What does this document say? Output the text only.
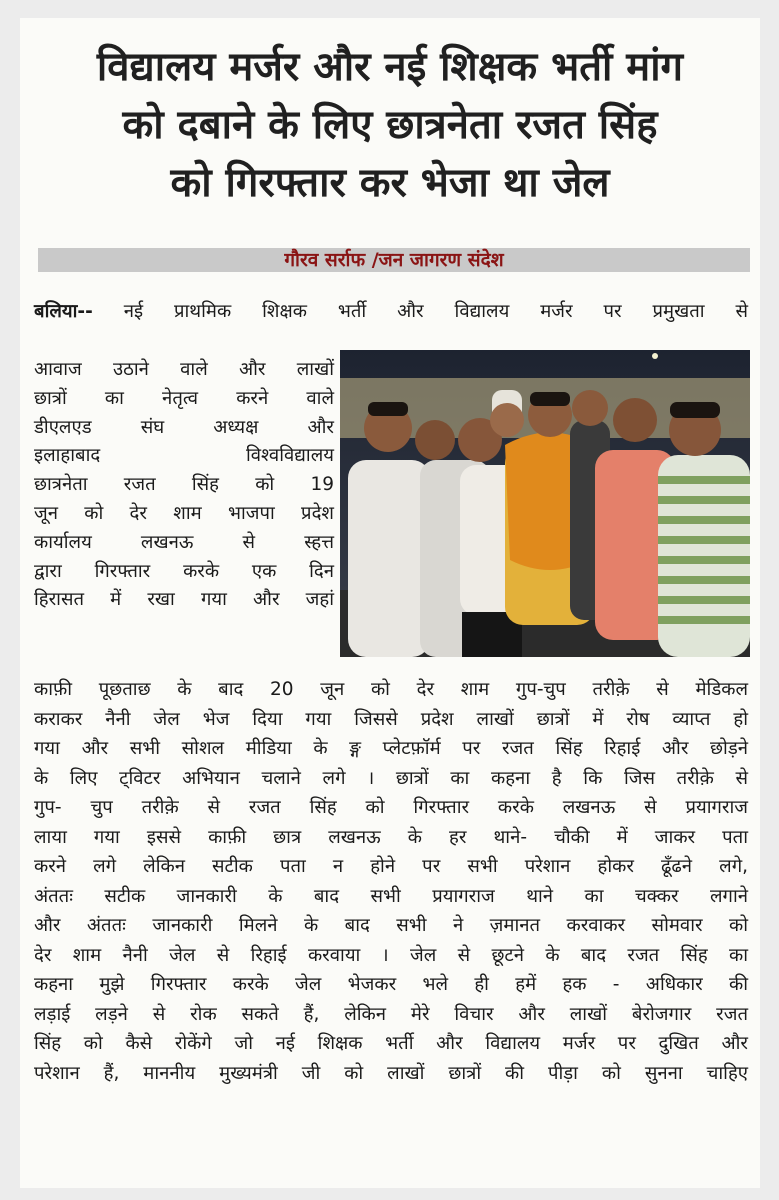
विद्यालय मर्जर और नई शिक्षक भर्ती मांग
को दबाने के लिए छात्रनेता रजत सिंह
को गिरफ्तार कर भेजा था जेल
गौरव सर्राफ /जन जागरण संदेश
बलिया-- नई प्राथमिक शिक्षक भर्ती और विद्यालय मर्जर पर प्रमुखता से
आवाज उठाने वाले और लाखों
छात्रों का नेतृत्व करने वाले
डीएलएड संघ अध्यक्ष और
इलाहाबाद विश्वविद्यालय
छात्रनेता रजत सिंह को 19
जून को देर शाम भाजपा प्रदेश
कार्यालय लखनऊ से स्हत्त
द्वारा गिरफ्तार करके एक दिन
हिरासत में रखा गया और जहां
काफ़ी पूछताछ के बाद 20 जून को देर शाम गुप-चुप तरीक़े से मेडिकल
कराकर नैनी जेल भेज दिया गया जिससे प्रदेश लाखों छात्रों में रोष व्याप्त हो
गया और सभी सोशल मीडिया के ङ्ग प्लेटफ़ॉर्म पर रजत सिंह रिहाई और छोड़ने
के लिए ट्विटर अभियान चलाने लगे । छात्रों का कहना है कि जिस तरीक़े से
गुप- चुप तरीक़े से रजत सिंह को गिरफ्तार करके लखनऊ से प्रयागराज
लाया गया इससे काफ़ी छात्र लखनऊ के हर थाने- चौकी में जाकर पता
करने लगे लेकिन सटीक पता न होने पर सभी परेशान होकर ढूँढने लगे,
अंततः सटीक जानकारी के बाद सभी प्रयागराज थाने का चक्कर लगाने
और अंततः जानकारी मिलने के बाद सभी ने ज़मानत करवाकर सोमवार को
देर शाम नैनी जेल से रिहाई करवाया । जेल से छूटने के बाद रजत सिंह का
कहना मुझे गिरफ्तार करके जेल भेजकर भले ही हमें हक - अधिकार की
लड़ाई लड़ने से रोक सकते हैं, लेकिन मेरे विचार और लाखों बेरोजगार रजत
सिंह को कैसे रोकेंगे जो नई शिक्षक भर्ती और विद्यालय मर्जर पर दुखित और
परेशान हैं, माननीय मुख्यमंत्री जी को लाखों छात्रों की पीड़ा को सुनना चाहिए
